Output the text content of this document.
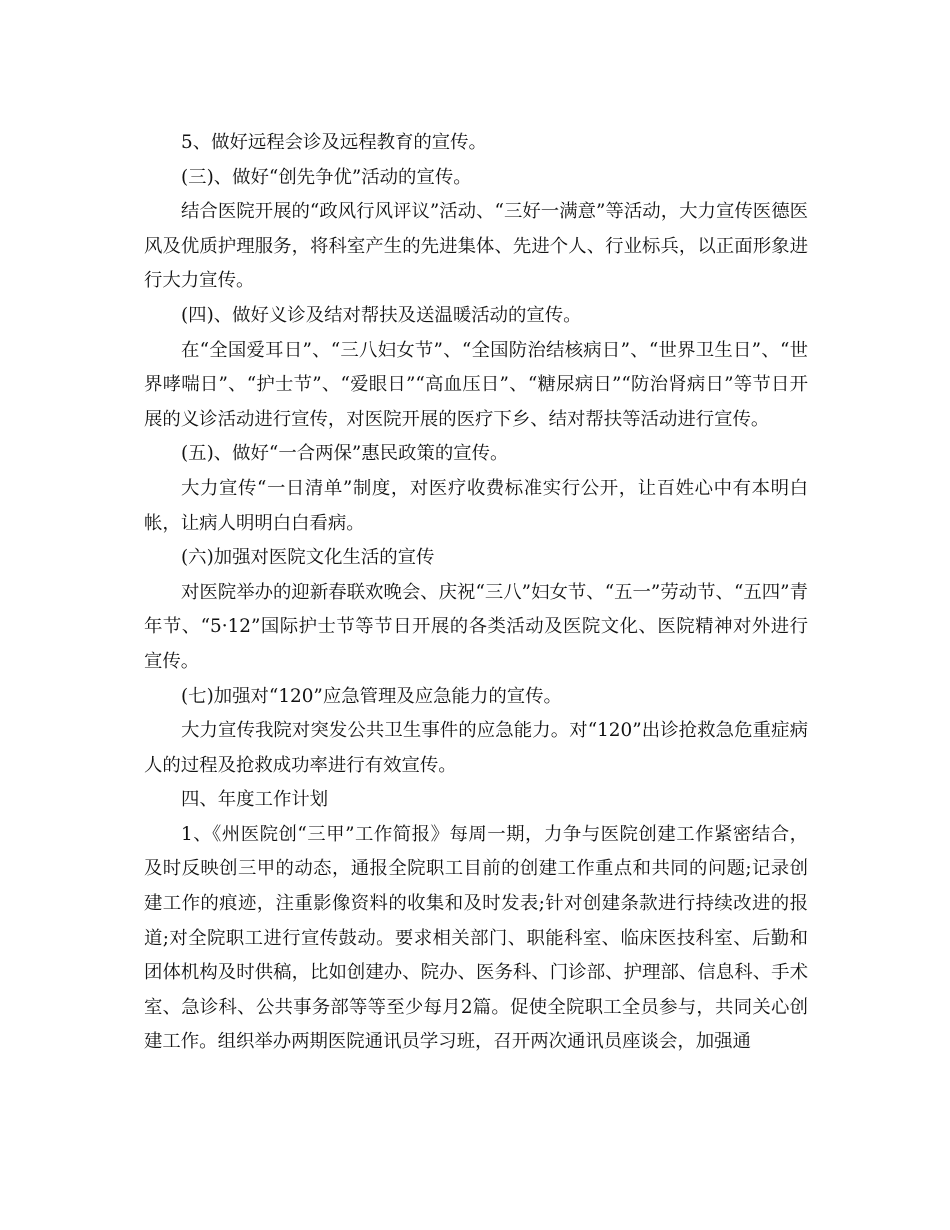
5、做好远程会诊及远程教育的宣传。

(三)、做好“创先争优”活动的宣传。

结合医院开展的“政风行风评议”活动、“三好一满意”等活动，大力宣传医德医风及优质护理服务，将科室产生的先进集体、先进个人、行业标兵，以正面形象进行大力宣传。

(四)、做好义诊及结对帮扶及送温暖活动的宣传。

在“全国爱耳日”、“三八妇女节”、“全国防治结核病日”、“世界卫生日”、“世界哮喘日”、“护士节”、“爱眼日”“高血压日”、“糖尿病日”“防治肾病日”等节日开展的义诊活动进行宣传，对医院开展的医疗下乡、结对帮扶等活动进行宣传。

(五)、做好“一合两保”惠民政策的宣传。

大力宣传“一日清单”制度，对医疗收费标准实行公开，让百姓心中有本明白帐，让病人明明白白看病。

(六)加强对医院文化生活的宣传

对医院举办的迎新春联欢晚会、庆祝“三八”妇女节、“五一”劳动节、“五四”青年节、“5·12”国际护士节等节日开展的各类活动及医院文化、医院精神对外进行宣传。

(七)加强对“120”应急管理及应急能力的宣传。

大力宣传我院对突发公共卫生事件的应急能力。对“120”出诊抢救急危重症病人的过程及抢救成功率进行有效宣传。

四、年度工作计划

1、《州医院创“三甲”工作简报》每周一期，力争与医院创建工作紧密结合，及时反映创三甲的动态，通报全院职工目前的创建工作重点和共同的问题;记录创建工作的痕迹，注重影像资料的收集和及时发表;针对创建条款进行持续改进的报道;对全院职工进行宣传鼓动。要求相关部门、职能科室、临床医技科室、后勤和团体机构及时供稿，比如创建办、院办、医务科、门诊部、护理部、信息科、手术室、急诊科、公共事务部等等至少每月2篇。促使全院职工全员参与，共同关心创建工作。组织举办两期医院通讯员学习班，召开两次通讯员座谈会，加强通
